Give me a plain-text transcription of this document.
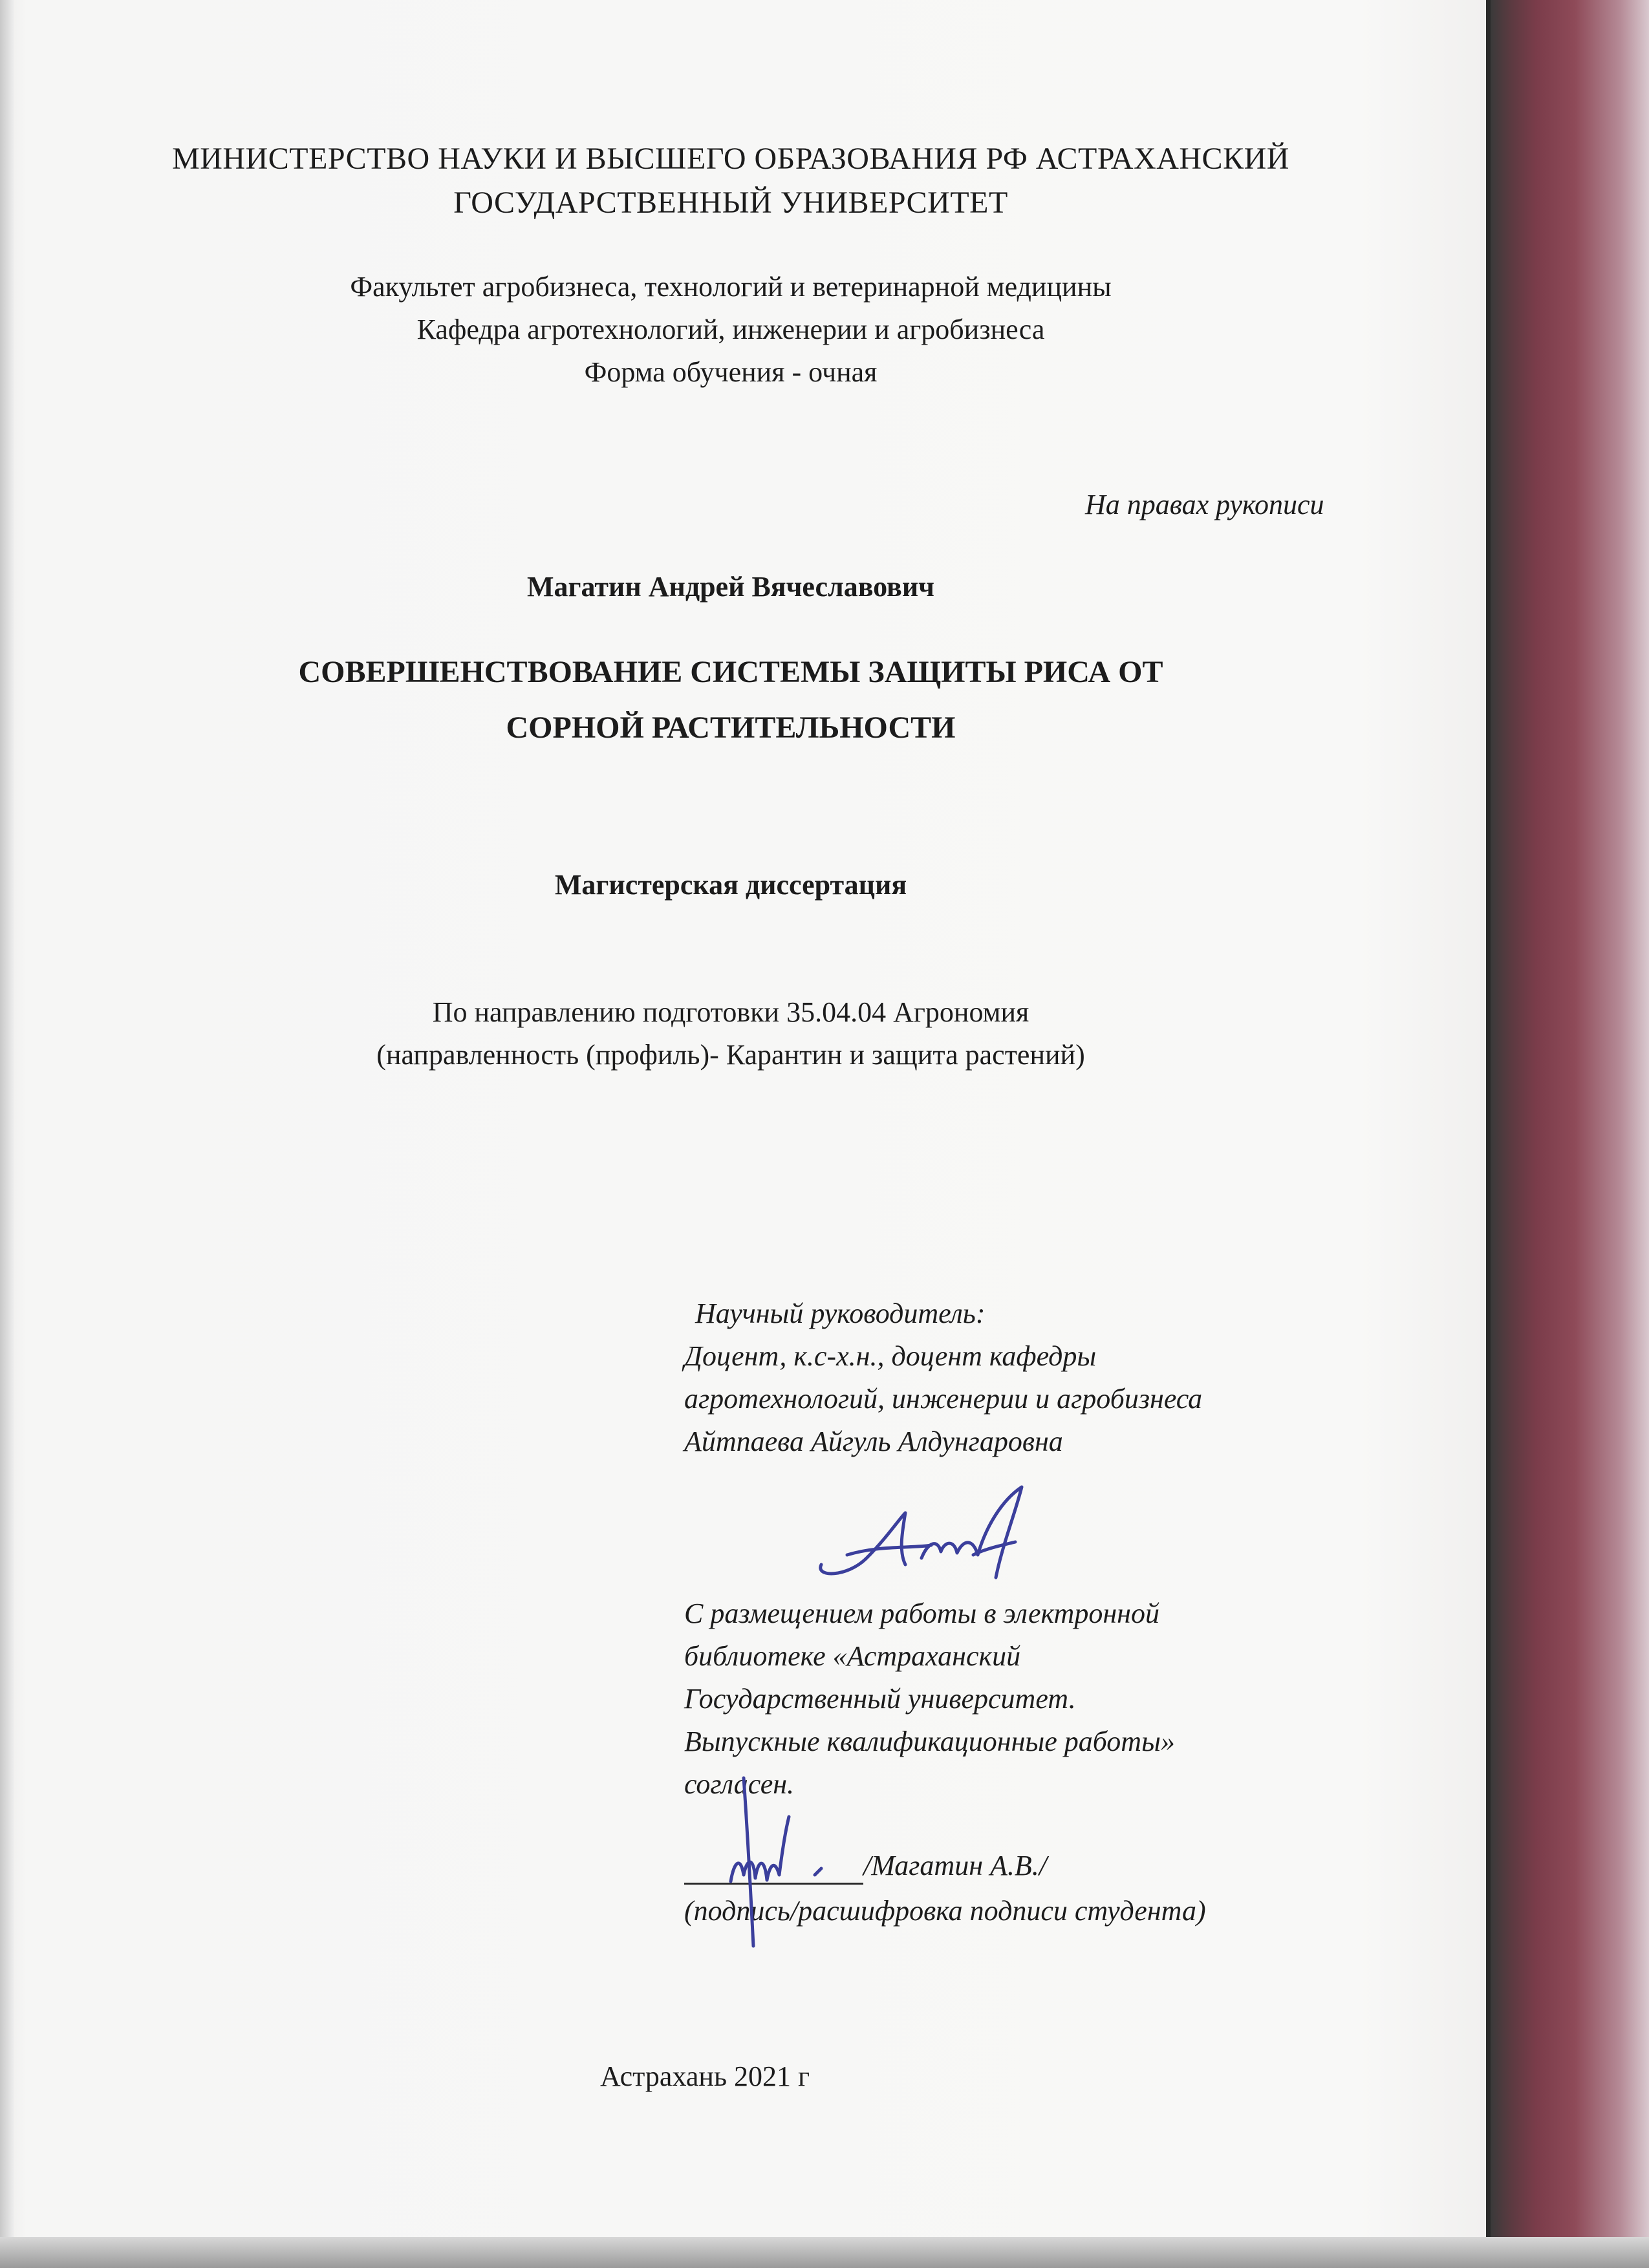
МИНИСТЕРСТВО НАУКИ И ВЫСШЕГО ОБРАЗОВАНИЯ РФ АСТРАХАНСКИЙ
ГОСУДАРСТВЕННЫЙ УНИВЕРСИТЕТ
Факультет агробизнеса, технологий и ветеринарной медицины
Кафедра агротехнологий, инженерии и агробизнеса
Форма обучения - очная
На правах рукописи
Магатин Андрей Вячеславович
СОВЕРШЕНСТВОВАНИЕ СИСТЕМЫ ЗАЩИТЫ РИСА ОТ
СОРНОЙ РАСТИТЕЛЬНОСТИ
Магистерская диссертация
По направлению подготовки 35.04.04 Агрономия
(направленность (профиль)- Карантин и защита растений)
Научный руководитель:
Доцент, к.с-х.н., доцент кафедры
агротехнологий, инженерии и агробизнеса
Айтпаева Айгуль Алдунгаровна
С размещением работы в электронной
библиотеке «Астраханский
Государственный университет.
Выпускные квалификационные работы»
согласен.
/Магатин А.В./
(подпись/расшифровка подписи студента)
Астрахань 2021 г
